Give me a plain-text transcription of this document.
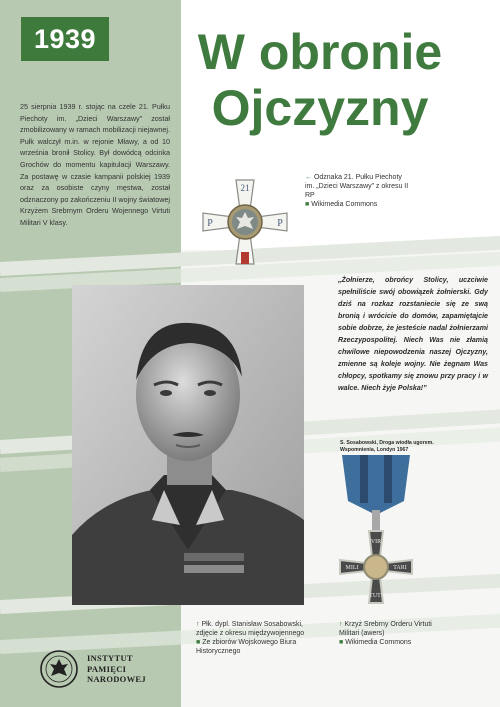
1939	W obronie
Ojczyzny

25 sierpnia 1939 r. stojąc na czele 21. Pułku Piechoty im. „Dzieci Warszawy” został zmobilizowany w ramach mobilizacji niejawnej. Pułk walczył m.in. w rejonie Mławy, a od 10 września bronił Stolicy. Był dowódcą odcinka Grochów do momentu kapitulacji Warszawy. Za postawę w czasie kampanii polskiej 1939 oraz za osobiste czyny męstwa, został odznaczony po zakończeniu II wojny światowej Krzyżem Srebrnym Orderu Wojennego Virtuti Militari V klasy.

21
P	P
← Odznaka 21. Pułku Piechoty im. „Dzieci Warszawy” z okresu II RP
■ Wikimedia Commons

„Żołnierze, obrońcy Stolicy, uczciwie spełniliście swój obowiązek żołnierski. Gdy dziś na rozkaz rozstaniecie się ze swą bronią i wrócicie do domów, zapamiętajcie sobie dobrze, że jesteście nadal żołnierzami Rzeczypospolitej. Niech Was nie złamią chwilowe niepowodzenia naszej Ojczyzny, zmienne są koleje wojny. Nie żegnam Was chłopcy, spotkamy się znowu przy pracy i w walce. Niech żyje Polska!”

S. Sosabowski, Droga wiodła ugorem.
Wspomnienia, Londyn 1967
VIR
TUTI
MILI	TARI
↑ Płk. dypl. Stanisław Sosabowski, zdjęcie z okresu międzywojennego
■ Ze zbiorów Wojskowego Biura Historycznego
↑ Krzyż Srebrny Orderu Virtuti Militari (awers)
■ Wikimedia Commons
INSTYTUT
PAMIĘCI
NARODOWEJ
